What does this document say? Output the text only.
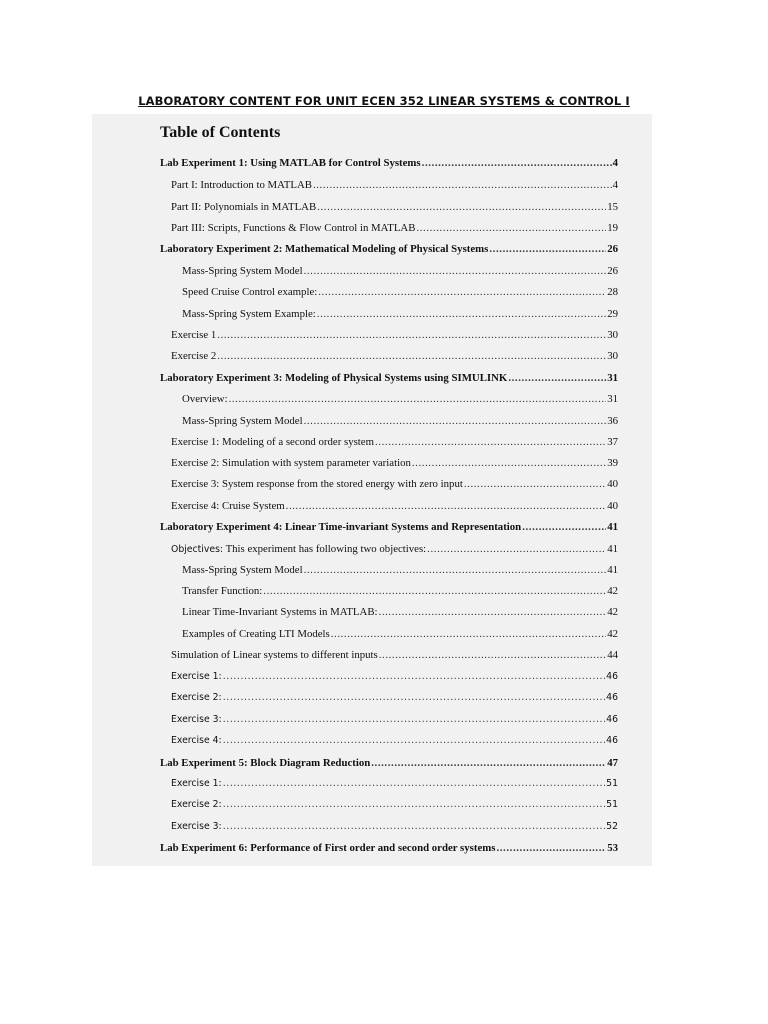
LABORATORY CONTENT FOR UNIT ECEN 352 LINEAR SYSTEMS & CONTROL I
Table of Contents
Lab Experiment 1: Using MATLAB for Control Systems .....	4
Part I: Introduction to MATLAB .....	4
Part II: Polynomials in MATLAB .....	15
Part III: Scripts, Functions & Flow Control in MATLAB .....	19
Laboratory Experiment 2: Mathematical Modeling of Physical Systems .....	26
Mass-Spring System Model .....	26
Speed Cruise Control example: .....	28
Mass-Spring System Example: .....	29
Exercise 1 .....	30
Exercise 2 .....	30
Laboratory Experiment 3: Modeling of Physical Systems using SIMULINK .....	31
Overview: .....	31
Mass-Spring System Model .....	36
Exercise 1: Modeling of a second order system .....	37
Exercise 2: Simulation with system parameter variation .....	39
Exercise 3: System response from the stored energy with zero input .....	40
Exercise 4: Cruise System .....	40
Laboratory Experiment 4: Linear Time-invariant Systems and Representation .....	41
Objectives: This experiment has following two objectives: .....	41
Mass-Spring System Model .....	41
Transfer Function: .....	42
Linear Time-Invariant Systems in MATLAB: .....	42
Examples of Creating LTI Models .....	42
Simulation of Linear systems to different inputs .....	44
Exercise 1: .....	46
Exercise 2: .....	46
Exercise 3: .....	46
Exercise 4: .....	46
Lab Experiment 5: Block Diagram Reduction .....	47
Exercise 1: .....	51
Exercise 2: .....	51
Exercise 3: .....	52
Lab Experiment 6: Performance of First order and second order systems .....	53
